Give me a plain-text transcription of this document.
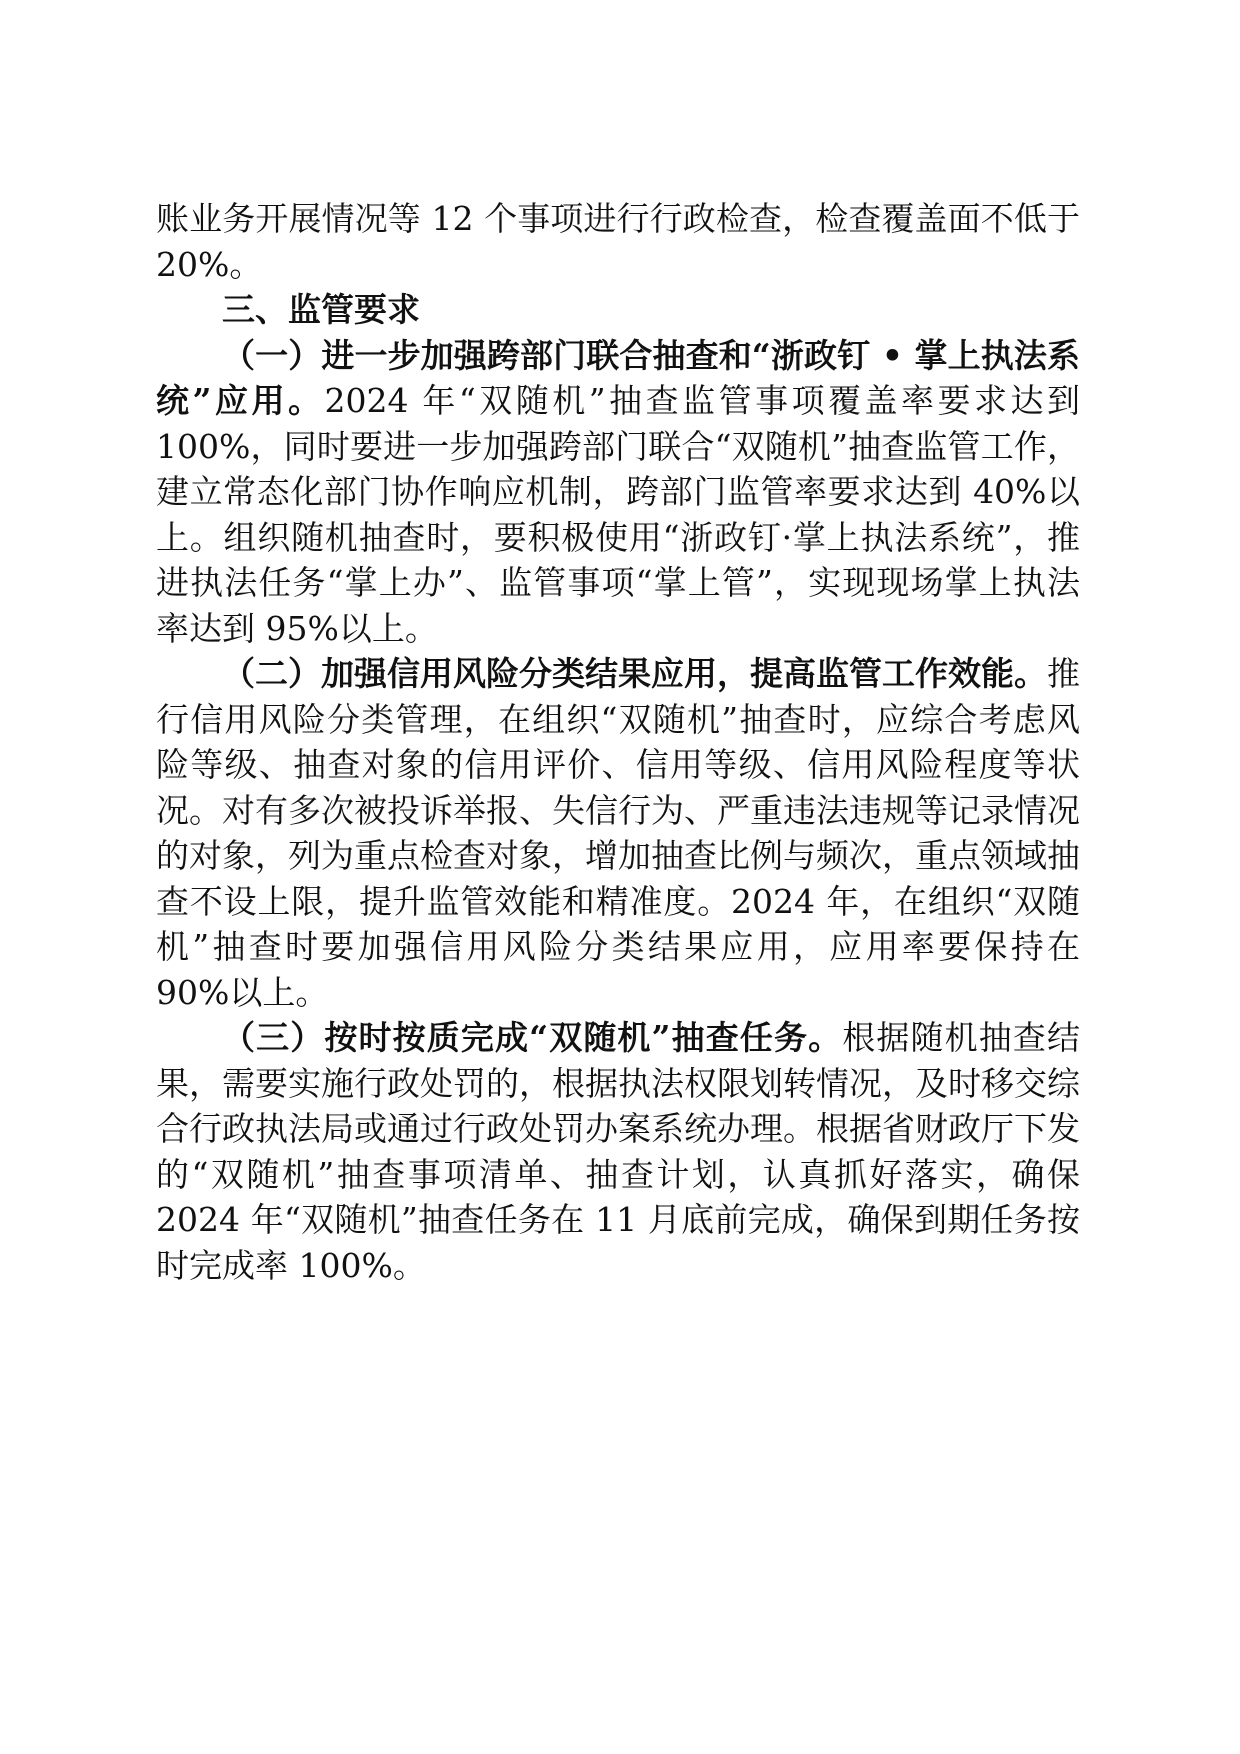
账业务开展情况等 12 个事项进行行政检查，检查覆盖面不低于 20%。

三、监管要求

（一）进一步加强跨部门联合抽查和“浙政钉 • 掌上执法系统”应用。2024 年“双随机”抽查监管事项覆盖率要求达到 100%，同时要进一步加强跨部门联合“双随机”抽查监管工作，建立常态化部门协作响应机制，跨部门监管率要求达到 40%以上。组织随机抽查时，要积极使用“浙政钉·掌上执法系统”，推进执法任务“掌上办”、监管事项“掌上管”，实现现场掌上执法率达到 95%以上。

（二）加强信用风险分类结果应用，提高监管工作效能。推行信用风险分类管理，在组织“双随机”抽查时，应综合考虑风险等级、抽查对象的信用评价、信用等级、信用风险程度等状况。对有多次被投诉举报、失信行为、严重违法违规等记录情况的对象，列为重点检查对象，增加抽查比例与频次，重点领域抽查不设上限，提升监管效能和精准度。2024 年，在组织“双随机”抽查时要加强信用风险分类结果应用，应用率要保持在 90%以上。

（三）按时按质完成“双随机”抽查任务。根据随机抽查结果，需要实施行政处罚的，根据执法权限划转情况，及时移交综合行政执法局或通过行政处罚办案系统办理。根据省财政厅下发的“双随机”抽查事项清单、抽查计划，认真抓好落实，确保 2024 年“双随机”抽查任务在 11 月底前完成，确保到期任务按时完成率 100%。
